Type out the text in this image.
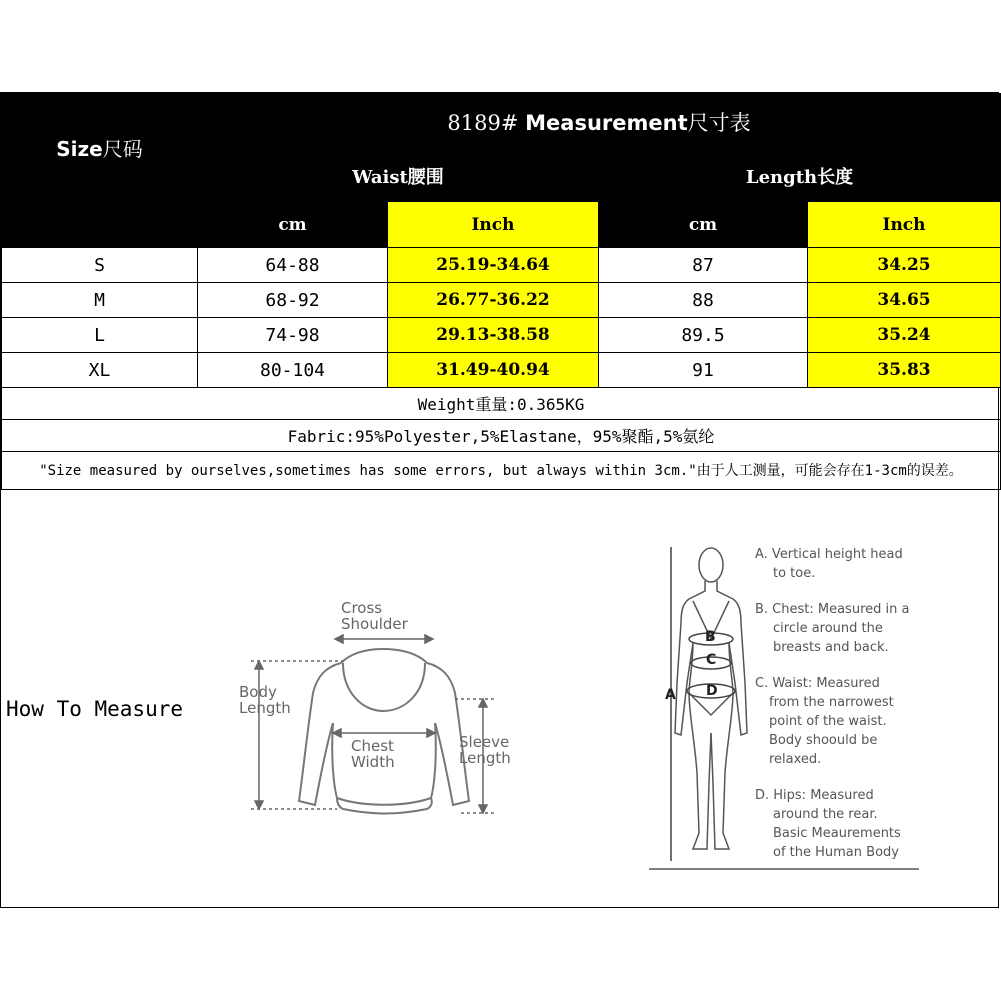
Size尺码	8189# Measurement尺寸表			
	Waist腰围		Length长度	
	cm	Inch	cm	Inch
S	64-88	25.19-34.64	87	34.25
M	68-92	26.77-36.22	88	34.65
L	74-98	29.13-38.58	89.5	35.24
XL	80-104	31.49-40.94	91	35.83
Weight重量:0.365KG				
Fabric:95%Polyester,5%Elastane，95%聚酯,5%氨纶				
"Size measured by ourselves,sometimes has some errors, but always within 3cm."由于人工测量，可能会存在1-3cm的误差。				
How To Measure
Cross
Shoulder
Body
Length
Chest
Width
Sleeve
Length
A
B
C
D
A. Vertical height head
to toe.
B. Chest: Measured in a
circle around the
breasts and back.
C. Waist: Measured
from the narrowest
point of the waist.
Body shoould be
relaxed.
D. Hips: Measured
around the rear.
Basic Meaurements
of the Human Body
